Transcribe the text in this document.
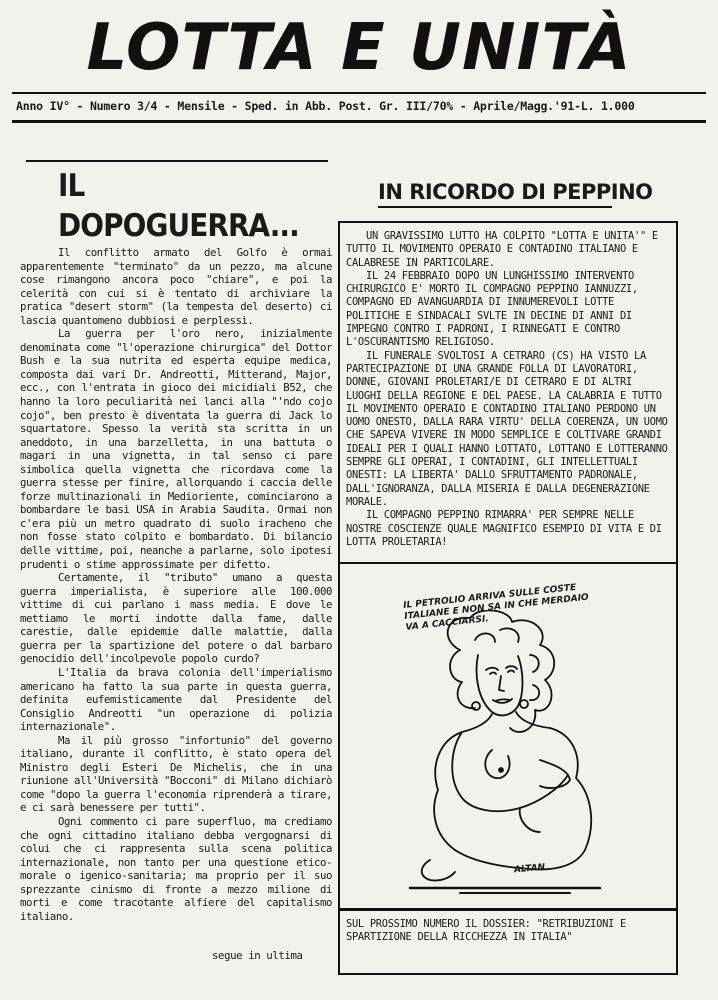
LOTTA E UNITÀ
Anno IV° - Numero 3/4 - Mensile - Sped. in Abb. Post. Gr. III/70% - Aprile/Magg.'91-L. 1.000
IL DOPOGUERRA...
IN RICORDO DI PEPPINO

Il conflitto armato del Golfo è ormai apparentemente "terminato" da un pezzo, ma alcune cose rimangono ancora poco "chiare", e poi la celerità con cui si è tentato di archiviare la pratica "desert storm" (la tempesta del deserto) ci lascia quantomeno dubbiosi e perplessi.

La guerra per l'oro nero, inizialmente denominata come "l'operazione chirurgica" del Dottor Bush e la sua nutrita ed esperta equipe medica, composta dai vari Dr. Andreotti, Mitterand, Major, ecc., con l'entrata in gioco dei micidiali B52, che hanno la loro peculiarità nei lanci alla "'ndo cojo cojo", ben presto è diventata la guerra di Jack lo squartatore. Spesso la verità sta scritta in un aneddoto, in una barzelletta, in una battuta o magari in una vignetta, in tal senso ci pare simbolica quella vignetta che ricordava come la guerra stesse per finire, allorquando i caccia delle forze multinazionali in Medioriente, cominciarono a bombardare le basi USA in Arabia Saudita. Ormai non c'era più un metro quadrato di suolo iracheno che non fosse stato colpito e bombardato. Di bilancio delle vittime, poi, neanche a parlarne, solo ipotesi prudenti o stime approssimate per difetto.

Certamente, il "tributo" umano a questa guerra imperialista, è superiore alle 100.000 vittime di cui parlano i mass media. E dove le mettiamo le morti indotte dalla fame, dalle carestie, dalle epidemie dalle malattie, dalla guerra per la spartizione del potere o dal barbaro genocidio dell'incolpevole popolo curdo?

L'Italia da brava colonia dell'imperialismo americano ha fatto la sua parte in questa guerra, definita eufemisticamente dal Presidente del Consiglio Andreotti "un operazione di polizia internazionale".

Ma il più grosso "infortunio" del governo italiano, durante il conflitto, è stato opera del Ministro degli Esteri De Michelis, che in una riunione all'Università "Bocconi" di Milano dichiarò come "dopo la guerra l'economia riprenderà a tirare, e ci sarà benessere per tutti".

Ogni commento ci pare superfluo, ma crediamo che ogni cittadino italiano debba vergognarsi di colui che ci rappresenta sulla scena politica internazionale, non tanto per una questione etico-morale o igenico-sanitaria; ma proprio per il suo sprezzante cinismo di fronte a mezzo milione di morti e come tracotante alfiere del capitalismo italiano.

segue in ultima

UN GRAVISSIMO LUTTO HA COLPITO "LOTTA E UNITA'" E TUTTO IL MOVIMENTO OPERAIO E CONTADINO ITALIANO E CALABRESE IN PARTICOLARE.

IL 24 FEBBRAIO DOPO UN LUNGHISSIMO INTERVENTO CHIRURGICO E' MORTO IL COMPAGNO PEPPINO IANNUZZI, COMPAGNO ED AVANGUARDIA DI INNUMEREVOLI LOTTE POLITICHE E SINDACALI SVLTE IN DECINE DI ANNI DI IMPEGNO CONTRO I PADRONI, I RINNEGATI E CONTRO L'OSCURANTISMO RELIGIOSO.

IL FUNERALE SVOLTOSI A CETRARO (CS) HA VISTO LA PARTECIPAZIONE DI UNA GRANDE FOLLA DI LAVORATORI, DONNE, GIOVANI PROLETARI/E DI CETRARO E DI ALTRI LUOGHI DELLA REGIONE E DEL PAESE. LA CALABRIA E TUTTO IL MOVIMENTO OPERAIO E CONTADINO ITALIANO PERDONO UN UOMO ONESTO, DALLA RARA VIRTU' DELLA COERENZA, UN UOMO CHE SAPEVA VIVERE IN MODO SEMPLICE E COLTIVARE GRANDI IDEALI PER I QUALI HANNO LOTTATO, LOTTANO E LOTTERANNO SEMPRE GLI OPERAI, I CONTADINI, GLI INTELLETTUALI ONESTI: LA LIBERTA' DALLO SFRUTTAMENTO PADRONALE, DALL'IGNORANZA, DALLA MISERIA E DALLA DEGENERAZIONE MORALE.

IL COMPAGNO PEPPINO RIMARRA' PER SEMPRE NELLE NOSTRE COSCIENZE QUALE MAGNIFICO ESEMPIO DI VITA E DI LOTTA PROLETARIA!

IL PETROLIO ARRIVA SULLE COSTE ITALIANE E NON SA IN CHE MERDAIO VA A CACCIARSI.
ALTAN
SUL PROSSIMO NUMERO IL DOSSIER: "RETRIBUZIONI E SPARTIZIONE DELLA RICCHEZZA IN ITALIA"
